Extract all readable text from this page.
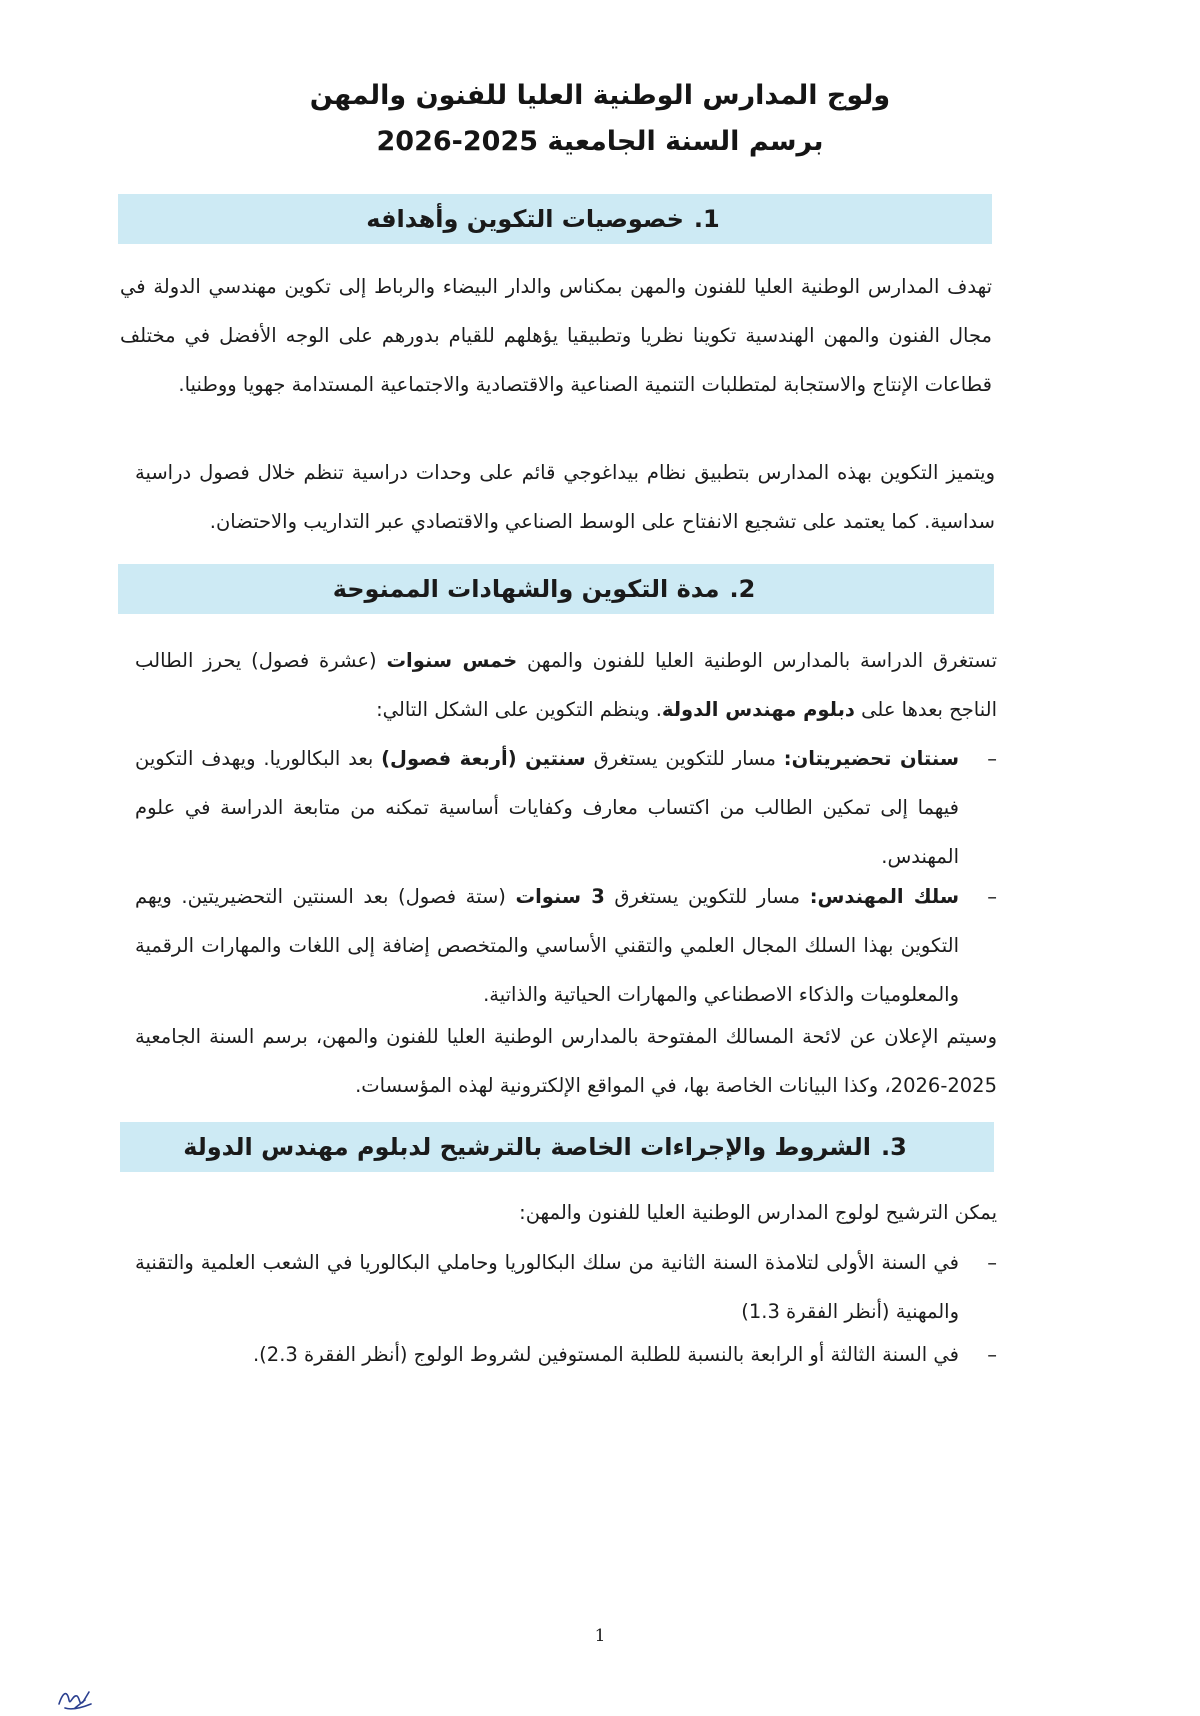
ولوج المدارس الوطنية العليا للفنون والمهن
برسم السنة الجامعية 2025-2026
1.
خصوصيات التكوين وأهدافه
تهدف المدارس الوطنية العليا للفنون والمهن بمكناس والدار البيضاء والرباط إلى تكوين مهندسي الدولة في مجال الفنون والمهن الهندسية تكوينا نظريا وتطبيقيا يؤهلهم للقيام بدورهم على الوجه الأفضل في مختلف قطاعات الإنتاج والاستجابة لمتطلبات التنمية الصناعية والاقتصادية والاجتماعية المستدامة جهويا ووطنيا.
ويتميز التكوين بهذه المدارس بتطبيق نظام بيداغوجي قائم على وحدات دراسية تنظم خلال فصول دراسية سداسية. كما يعتمد على تشجيع الانفتاح على الوسط الصناعي والاقتصادي عبر التداريب والاحتضان.
2.
مدة التكوين والشهادات الممنوحة
تستغرق الدراسة بالمدارس الوطنية العليا للفنون والمهن خمس سنوات (عشرة فصول) يحرز الطالب الناجح بعدها على دبلوم مهندس الدولة. وينظم التكوين على الشكل التالي:
–
سنتان تحضيريتان: مسار للتكوين يستغرق سنتين (أربعة فصول) بعد البكالوريا. ويهدف التكوين فيهما إلى تمكين الطالب من اكتساب معارف وكفايات أساسية تمكنه من متابعة الدراسة في علوم المهندس.
–
سلك المهندس: مسار للتكوين يستغرق 3 سنوات (ستة فصول) بعد السنتين التحضيريتين. ويهم التكوين بهذا السلك المجال العلمي والتقني الأساسي والمتخصص إضافة إلى اللغات والمهارات الرقمية والمعلوميات والذكاء الاصطناعي والمهارات الحياتية والذاتية.
وسيتم الإعلان عن لائحة المسالك المفتوحة بالمدارس الوطنية العليا للفنون والمهن، برسم السنة الجامعية 2025-2026، وكذا البيانات الخاصة بها، في المواقع الإلكترونية لهذه المؤسسات.
3.
الشروط والإجراءات الخاصة بالترشيح لدبلوم مهندس الدولة
يمكن الترشيح لولوج المدارس الوطنية العليا للفنون والمهن:
–
في السنة الأولى لتلامذة السنة الثانية من سلك البكالوريا وحاملي البكالوريا في الشعب العلمية والتقنية والمهنية (أنظر الفقرة 1.3)
–
في السنة الثالثة أو الرابعة بالنسبة للطلبة المستوفين لشروط الولوج (أنظر الفقرة 2.3).
1
